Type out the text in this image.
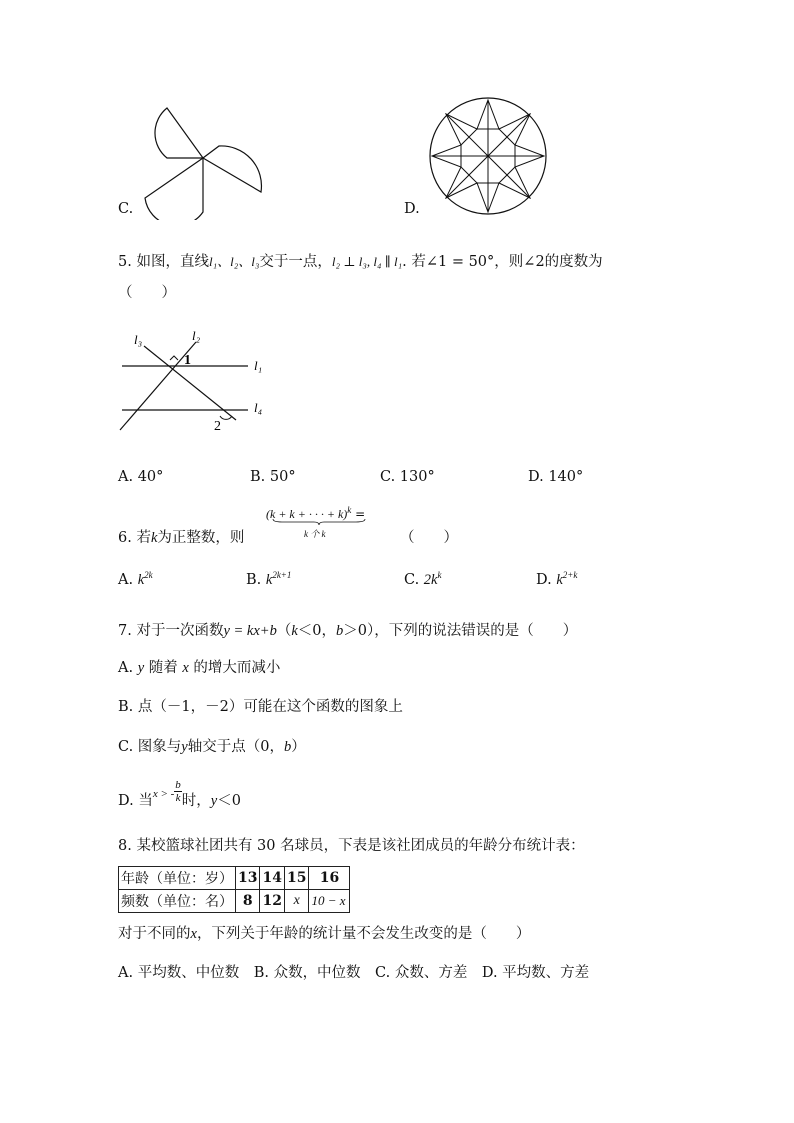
C.	D.
5. 如图，直线l₁、l₂、l₃交于一点，l₂ ⊥ l₃, l₄ ∥ l₁. 若∠1 = 50°，则∠2的度数为
（　　）
l₃	l₂
l₁
l₄
1
2
A. 40°	B. 50°	C. 130°	D. 140°
6. 若k为正整数，则
(k + k + · · · + k)$^k$ =
k 个 k	（　　）
A. $k^{2k}$	B. $k^{2k+1}$	C. $2k^k$	D. $k^{2+k}$
7. 对于一次函数y = kx+b（k＜0，b＞0），下列的说法错误的是（　　）
A. y 随着 x 的增大而减小
B. 点（－1，－2）可能在这个函数的图象上
C. 图象与y轴交于点（0，b）
D. 当$^{x > -} \frac{b}{k}$时，y＜0
8. 某校篮球社团共有 30 名球员，下表是该社团成员的年龄分布统计表：
年龄（单位：岁）	13	14	15	16
频数（单位：名）	8	12	x	10 − x
对于不同的x，下列关于年龄的统计量不会发生改变的是（　　）
A. 平均数、中位数　B. 众数，中位数　C. 众数、方差　D. 平均数、方差
